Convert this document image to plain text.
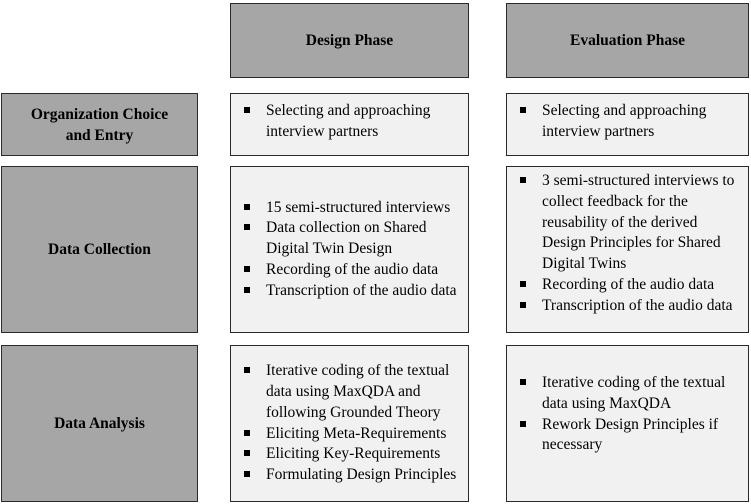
Design Phase	Evaluation Phase
Organization Choice and Entry
Selecting and approaching interview partners
Selecting and approaching interview partners
Data Collection
15 semi-structured interviews
Data collection on Shared Digital Twin Design
Recording of the audio data
Transcription of the audio data
3 semi-structured interviews to collect feedback for the reusability of the derived Design Principles for Shared Digital Twins
Recording of the audio data
Transcription of the audio data
Data Analysis
Iterative coding of the textual data using MaxQDA and following Grounded Theory
Eliciting Meta-Requirements
Eliciting Key-Requirements
Formulating Design Principles
Iterative coding of the textual data using MaxQDA
Rework Design Principles if necessary
